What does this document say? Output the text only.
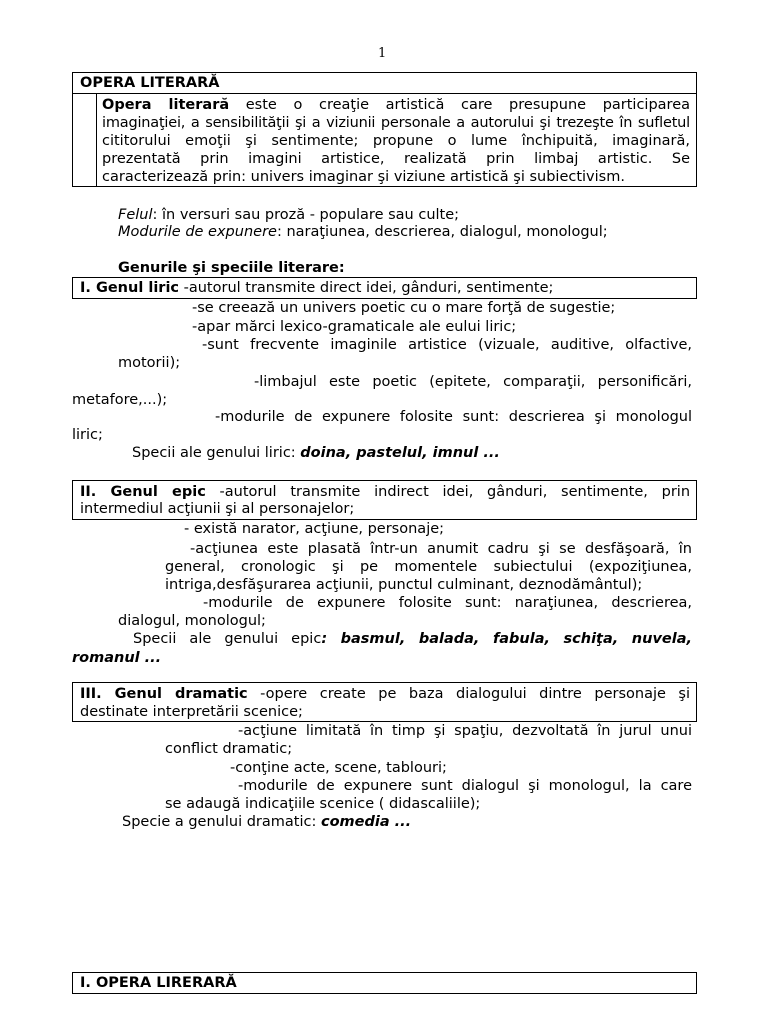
1
OPERA LITERARĂ
Opera literară este o creaţie artistică care presupune participarea
imaginaţiei, a sensibilităţii şi a viziunii personale a autorului şi trezeşte în sufletul
cititorului emoţii şi sentimente; propune o lume închipuită, imaginară,
prezentată prin imagini artistice, realizată prin limbaj artistic. Se
caracterizează prin: univers imaginar şi viziune artistică şi subiectivism.
Felul: în versuri sau proză - populare sau culte;
Modurile de expunere: naraţiunea, descrierea, dialogul, monologul;
Genurile şi speciile literare:
I. Genul liric -autorul transmite direct idei, gânduri, sentimente;
-se creează un univers poetic cu o mare forţă de sugestie;
-apar mărci lexico-gramaticale ale eului liric;
-sunt frecvente imaginile artistice (vizuale, auditive, olfactive,
motorii);
-limbajul este poetic (epitete, comparaţii, personificări,
metafore,...);
-modurile de expunere folosite sunt: descrierea şi monologul
liric;
Specii ale genului liric: doina, pastelul, imnul ...
II. Genul epic -autorul transmite indirect idei, gânduri, sentimente, prin
intermediul acţiunii şi al personajelor;
- există narator, acţiune, personaje;
-acţiunea este plasată într-un anumit cadru şi se desfăşoară, în
general, cronologic şi pe momentele subiectului (expoziţiunea,
intriga,desfăşurarea acţiunii, punctul culminant, deznodământul);
-modurile de expunere folosite sunt: naraţiunea, descrierea,
dialogul, monologul;
Specii ale genului epic: basmul, balada, fabula, schiţa, nuvela,
romanul ...
III. Genul dramatic -opere create pe baza dialogului dintre personaje şi
destinate interpretării scenice;
-acţiune limitată în timp şi spaţiu, dezvoltată în jurul unui
conflict dramatic;
-conţine acte, scene, tablouri;
-modurile de expunere sunt dialogul şi monologul, la care
se adaugă indicaţiile scenice ( didascaliile);
Specie a genului dramatic: comedia ...
I. OPERA LIRERARĂ
